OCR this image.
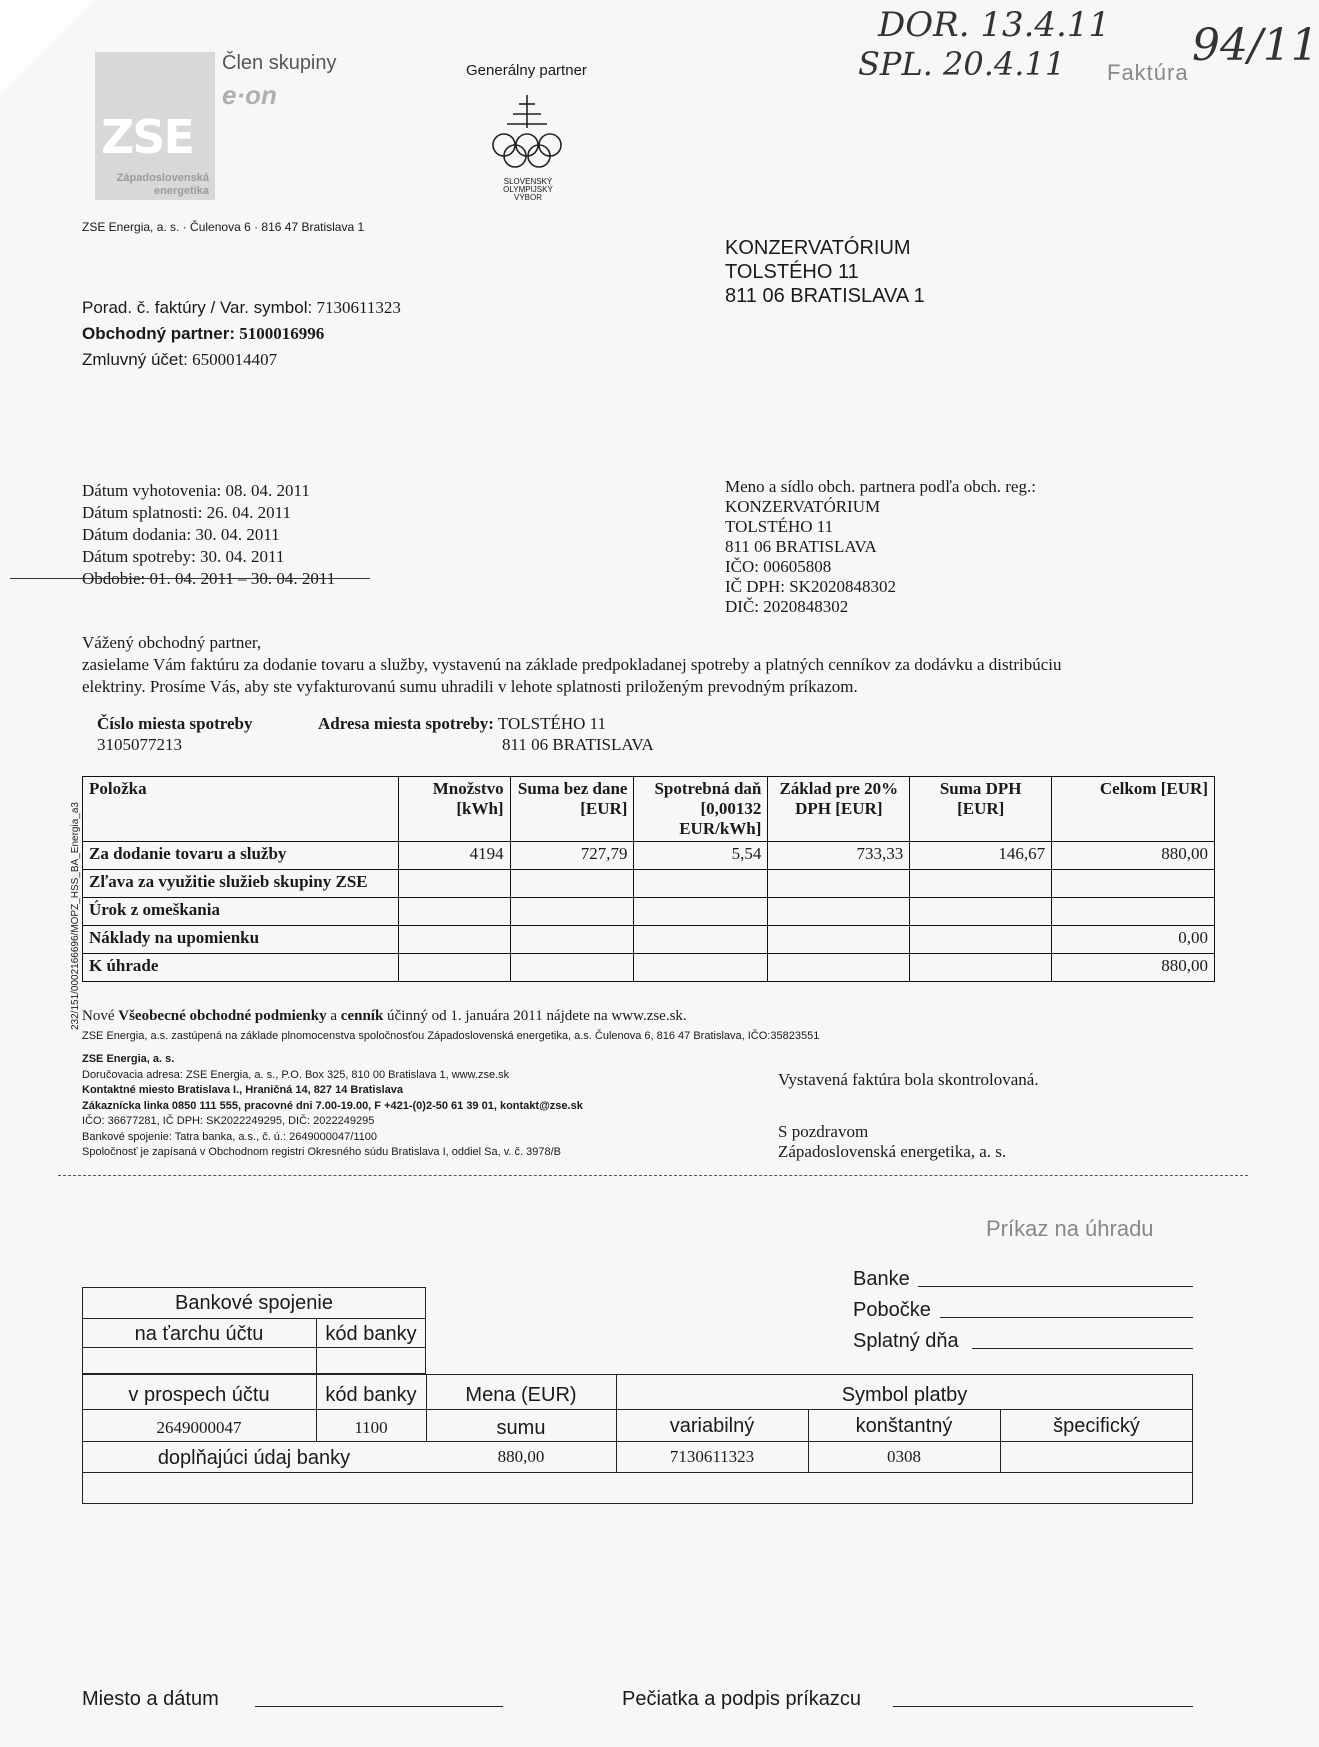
ZSE
Západoslovenská energetika
Člen skupiny
e·on
Generálny partner
SLOVENSKÝ OLYMPIJSKÝ VÝBOR
DOR. 13.4.11
SPL. 20.4.11	94/11
Faktúra
ZSE Energia, a. s. · Čulenova 6 · 816 47 Bratislava 1
KONZERVATÓRIUM
TOLSTÉHO 11
811 06 BRATISLAVA 1
Porad. č. faktúry / Var. symbol: 7130611323
Obchodný partner: 5100016996
Zmluvný účet: 6500014407
Dátum vyhotovenia: 08. 04. 2011
Dátum splatnosti: 26. 04. 2011
Dátum dodania: 30. 04. 2011
Dátum spotreby: 30. 04. 2011
Obdobie: 01. 04. 2011 – 30. 04. 2011
Meno a sídlo obch. partnera podľa obch. reg.:
KONZERVATÓRIUM
TOLSTÉHO 11
811 06 BRATISLAVA
IČO: 00605808
IČ DPH: SK2020848302
DIČ: 2020848302
Vážený obchodný partner,
zasielame Vám faktúru za dodanie tovaru a služby, vystavenú na základe predpokladanej spotreby a platných cenníkov za dodávku a distribúciu
elektriny. Prosíme Vás, aby ste vyfakturovanú sumu uhradili v lehote splatnosti priloženým prevodným príkazom.
Číslo miesta spotreby
3105077213
Adresa miesta spotreby: TOLSTÉHO 11
811 06 BRATISLAVA
232/151/0002166696/MOPZ_HSS_BA_Energia_a3
Položka	Množstvo [kWh]	Suma bez dane [EUR]	Spotrebná daň [0,00132 EUR/kWh]	Základ pre 20% DPH [EUR]	Suma DPH [EUR]	Celkom [EUR]
Za dodanie tovaru a služby	4194	727,79	5,54	733,33	146,67	880,00
Zľava za využitie služieb skupiny ZSE						
Úrok z omeškania						
Náklady na upomienku						0,00
K úhrade						880,00
Nové Všeobecné obchodné podmienky a cenník účinný od 1. januára 2011 nájdete na www.zse.sk.
ZSE Energia, a.s. zastúpená na základe plnomocenstva spoločnosťou Západoslovenská energetika, a.s. Čulenova 6, 816 47 Bratislava, IČO:35823551
ZSE Energia, a. s.
Doručovacia adresa: ZSE Energia, a. s., P.O. Box 325, 810 00 Bratislava 1, www.zse.sk
Kontaktné miesto Bratislava I., Hraničná 14, 827 14 Bratislava
Zákaznícka linka 0850 111 555, pracovné dni 7.00-19.00, F +421-(0)2-50 61 39 01, kontakt@zse.sk
IČO: 36677281, IČ DPH: SK2022249295, DIČ: 2022249295
Bankové spojenie: Tatra banka, a.s., č. ú.: 2649000047/1100
Spoločnosť je zapísaná v Obchodnom registri Okresného súdu Bratislava I, oddiel Sa, v. č. 3978/B
Vystavená faktúra bola skontrolovaná.
S pozdravom
Západoslovenská energetika, a. s.
Príkaz na úhradu
Banke
Pobočke
Splatný dňa
Bankové spojenie
na ťarchu účtu	kód banky
v prospech účtu	kód banky	Mena (EUR)	Symbol platby
2649000047	1100	sumu	variabilný	konštantný	špecifický
doplňajúci údaj banky	880,00	7130611323	0308
Miesto a dátum	Pečiatka a podpis príkazcu
